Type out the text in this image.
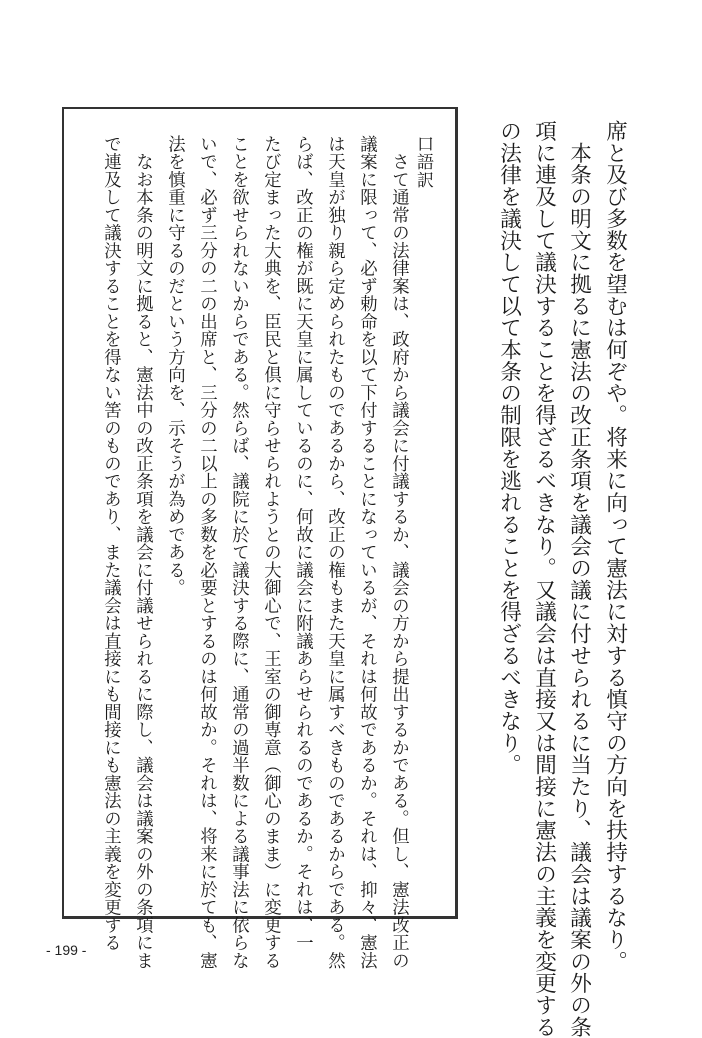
席と及び多数を望むは何ぞや。将来に向って憲法に対する慎守の方向を扶持するなり。
　本条の明文に拠るに憲法の改正条項を議会の議に付せられるに当たり、議会は議案の外の条
項に連及して議決することを得ざるべきなり。又議会は直接又は間接に憲法の主義を変更する
の法律を議決して以て本条の制限を逃れることを得ざるべきなり。
口語訳
　さて通常の法律案は、政府から議会に付議するか、議会の方から提出するかである。但し、憲法改正の
議案に限って、必ず勅命を以て下付することになっているが、それは何故であるか。それは、抑々、憲法
は天皇が独り親ら定められたものであるから、改正の権もまた天皇に属すべきものであるからである。然
らば、改正の権が既に天皇に属しているのに、何故に議会に附議あらせられるのであるか。それは、一
たび定まった大典を、臣民と倶に守らせられようとの大御心で、王室の御専意（御心のまま）に変更する
ことを欲せられないからである。然らば、議院に於て議決する際に、通常の過半数による議事法に依らな
いで、必ず三分の二の出席と、三分の二以上の多数を必要とするのは何故か。それは、将来に於ても、憲
法を慎重に守るのだという方向を、示そうが為めである。
　なお本条の明文に拠ると、憲法中の改正条項を議会に付議せられるに際し、議会は議案の外の条項にま
で連及して議決することを得ない筈のものであり、また議会は直接にも間接にも憲法の主義を変更する
- 199 -
